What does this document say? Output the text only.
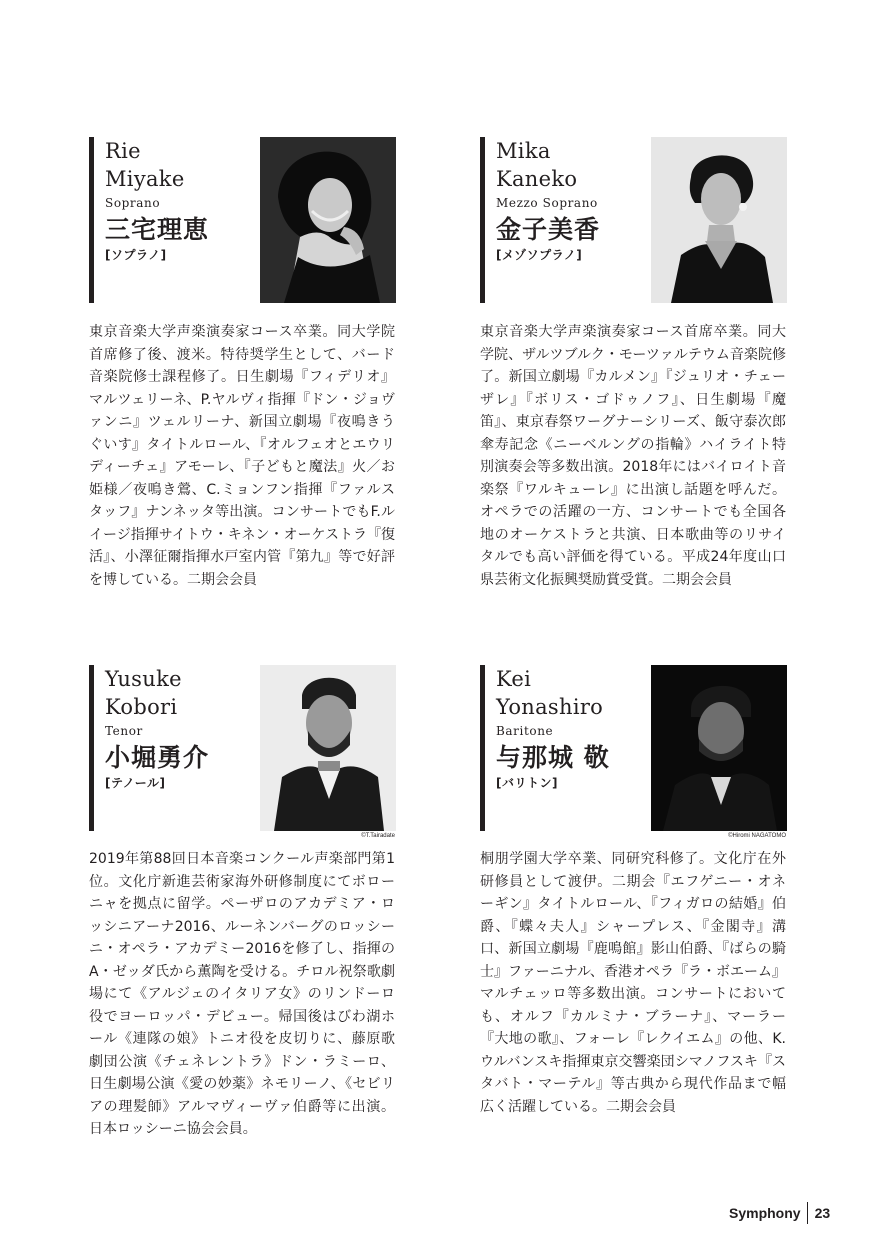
Rie
Miyake
Soprano
三宅理恵
[ソプラノ]

東京音楽大学声楽演奏家コース卒業。同大学院首席修了後、渡米。特待奨学生として、バード音楽院修士課程修了。日生劇場『フィデリオ』マルツェリーネ、P.ヤルヴィ指揮『ドン・ジョヴァンニ』ツェルリーナ、新国立劇場『夜鳴きうぐいす』タイトルロール、『オルフェオとエウリディーチェ』アモーレ、『子どもと魔法』火／お姫様／夜鳴き鶯、C.ミョンフン指揮『ファルスタッフ』ナンネッタ等出演。コンサートでもF.ルイージ指揮サイトウ・キネン・オーケストラ『復活』、小澤征爾指揮水戸室内管『第九』等で好評を博している。二期会会員

Mika
Kaneko
Mezzo Soprano
金子美香
[メゾソプラノ]

東京音楽大学声楽演奏家コース首席卒業。同大学院、ザルツブルク・モーツァルテウム音楽院修了。新国立劇場『カルメン』『ジュリオ・チェーザレ』『ボリス・ゴドゥノフ』、日生劇場『魔笛』、東京春祭ワーグナーシリーズ、飯守泰次郎傘寿記念《ニーベルングの指輪》ハイライト特別演奏会等多数出演。2018年にはバイロイト音楽祭『ワルキューレ』に出演し話題を呼んだ。オペラでの活躍の一方、コンサートでも全国各地のオーケストラと共演、日本歌曲等のリサイタルでも高い評価を得ている。平成24年度山口県芸術文化振興奨励賞受賞。二期会会員

Yusuke
Kobori
Tenor
小堀勇介
[テノール]
©T.Tairadate

2019年第88回日本音楽コンクール声楽部門第1位。文化庁新進芸術家海外研修制度にてボローニャを拠点に留学。ペーザロのアカデミア・ロッシニアーナ2016、ルーネンバーグのロッシーニ・オペラ・アカデミー2016を修了し、指揮のA・ゼッダ氏から薫陶を受ける。チロル祝祭歌劇場にて《アルジェのイタリア女》のリンドーロ役でヨーロッパ・デビュー。帰国後はびわ湖ホール《連隊の娘》トニオ役を皮切りに、藤原歌劇団公演《チェネレントラ》ドン・ラミーロ、日生劇場公演《愛の妙薬》ネモリーノ、《セビリアの理髪師》アルマヴィーヴァ伯爵等に出演。日本ロッシーニ協会会員。

Kei
Yonashiro
Baritone
与那城 敬
[バリトン]
©Hiromi NAGATOMO

桐朋学園大学卒業、同研究科修了。文化庁在外研修員として渡伊。二期会『エフゲニー・オネーギン』タイトルロール、『フィガロの結婚』伯爵、『蝶々夫人』シャープレス、『金閣寺』溝口、新国立劇場『鹿鳴館』影山伯爵、『ばらの騎士』ファーニナル、香港オペラ『ラ・ボエーム』マルチェッロ等多数出演。コンサートにおいても、オルフ『カルミナ・ブラーナ』、マーラー『大地の歌』、フォーレ『レクイエム』の他、K.ウルバンスキ指揮東京交響楽団シマノフスキ『スタバト・マーテル』等古典から現代作品まで幅広く活躍している。二期会会員

Symphony 23
